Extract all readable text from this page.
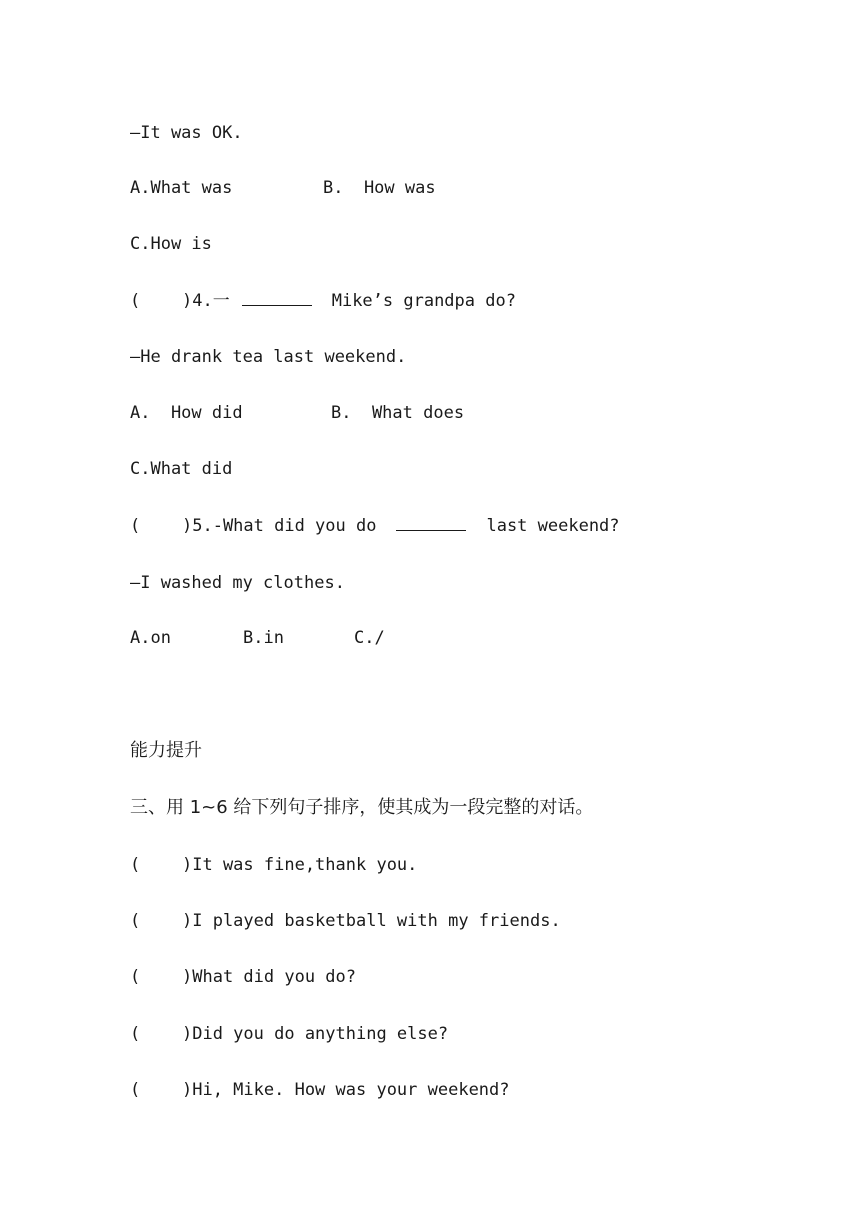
—It was OK.
A.What was	B.  How was
C.How is
(	)4.一	Mike’s grandpa do?
—He drank tea last weekend.
A.  How did	B.  What does
C.What did
(	)5.-What did you do	last weekend?
—I washed my clothes.
A.on	B.in	C./
能力提升
三、用 1~6 给下列句子排序，使其成为一段完整的对话。
(	)It was fine,thank you.
(	)I played basketball with my friends.
(	)What did you do?
(	)Did you do anything else?
(	)Hi, Mike. How was your weekend?
